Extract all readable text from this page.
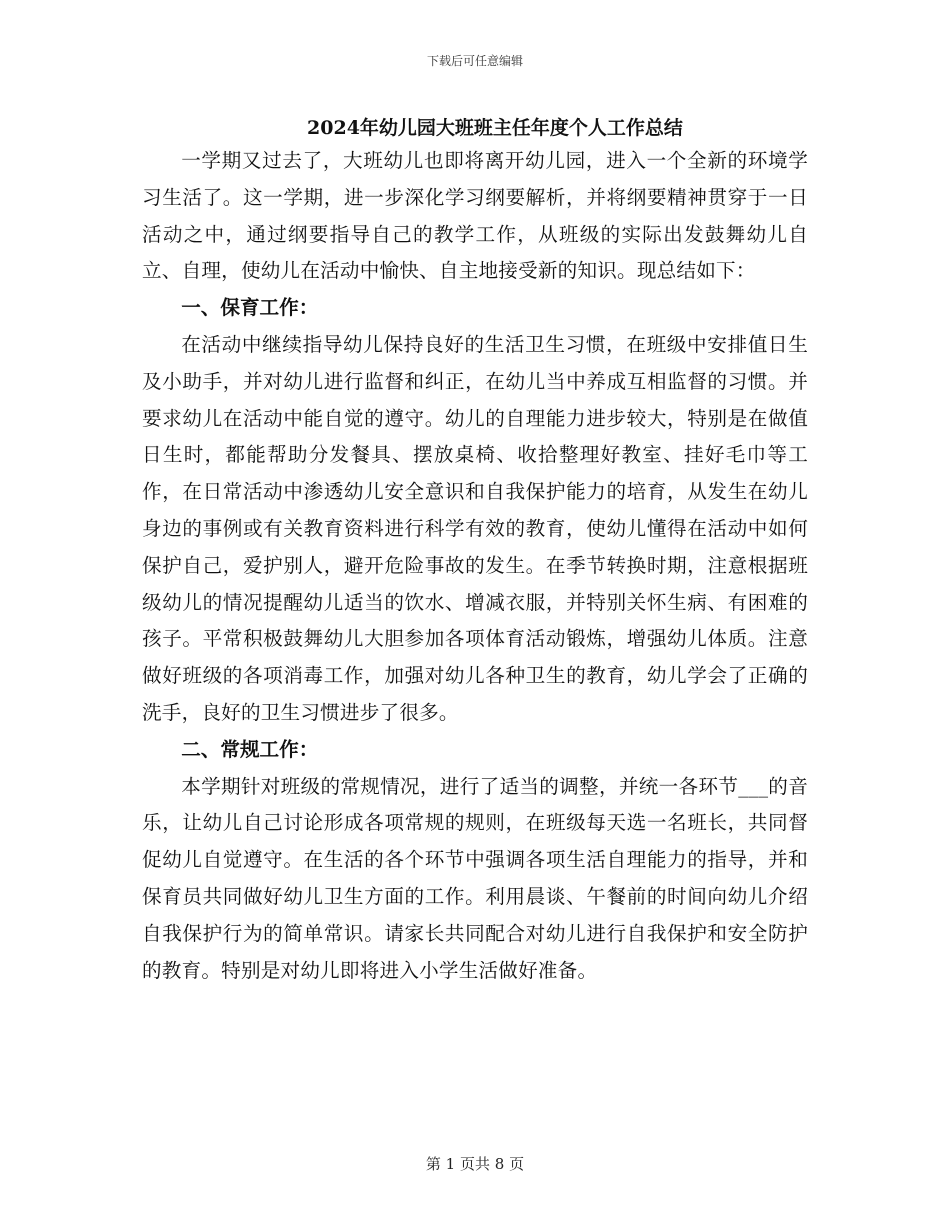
下载后可任意编辑
2024年幼儿园大班班主任年度个人工作总结

一学期又过去了，大班幼儿也即将离开幼儿园，进入一个全新的环境学习生活了。这一学期，进一步深化学习纲要解析，并将纲要精神贯穿于一日活动之中，通过纲要指导自己的教学工作，从班级的实际出发鼓舞幼儿自立、自理，使幼儿在活动中愉快、自主地接受新的知识。现总结如下：

一、保育工作：

在活动中继续指导幼儿保持良好的生活卫生习惯，在班级中安排值日生及小助手，并对幼儿进行监督和纠正，在幼儿当中养成互相监督的习惯。并要求幼儿在活动中能自觉的遵守。幼儿的自理能力进步较大，特别是在做值日生时，都能帮助分发餐具、摆放桌椅、收拾整理好教室、挂好毛巾等工作，在日常活动中渗透幼儿安全意识和自我保护能力的培育，从发生在幼儿身边的事例或有关教育资料进行科学有效的教育，使幼儿懂得在活动中如何保护自己，爱护别人，避开危险事故的发生。在季节转换时期，注意根据班级幼儿的情况提醒幼儿适当的饮水、增减衣服，并特别关怀生病、有困难的孩子。平常积极鼓舞幼儿大胆参加各项体育活动锻炼，增强幼儿体质。注意做好班级的各项消毒工作，加强对幼儿各种卫生的教育，幼儿学会了正确的洗手，良好的卫生习惯进步了很多。

二、常规工作：

本学期针对班级的常规情况，进行了适当的调整，并统一各环节___的音乐，让幼儿自己讨论形成各项常规的规则，在班级每天选一名班长，共同督促幼儿自觉遵守。在生活的各个环节中强调各项生活自理能力的指导，并和保育员共同做好幼儿卫生方面的工作。利用晨谈、午餐前的时间向幼儿介绍自我保护行为的简单常识。请家长共同配合对幼儿进行自我保护和安全防护的教育。特别是对幼儿即将进入小学生活做好准备。

第 1 页共 8 页
